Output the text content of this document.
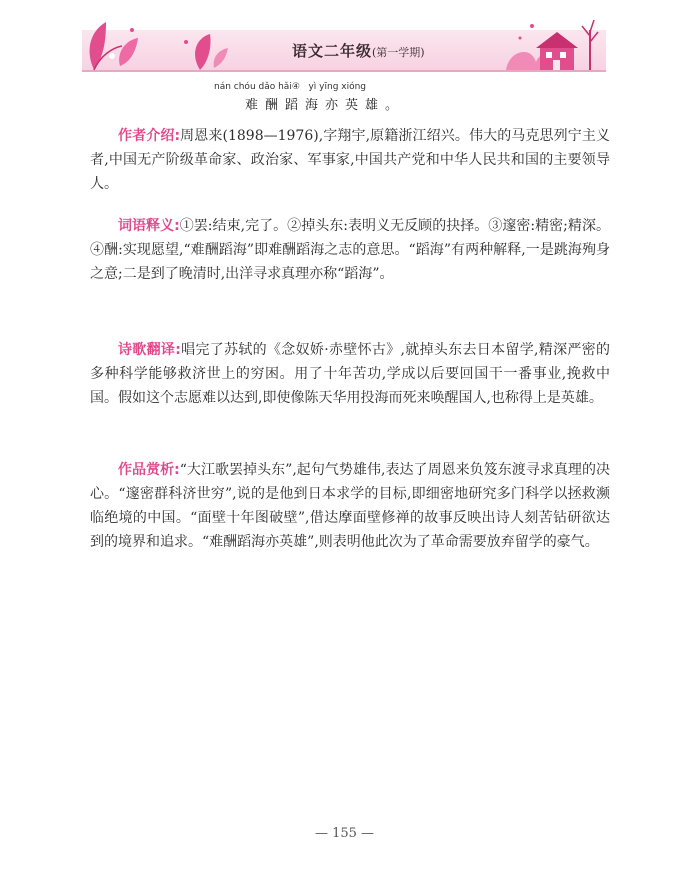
语文二年级(第一学期)
nán chóu dǎo hǎi④   yì yīng xióng
难酬蹈海亦英雄。
作者介绍:周恩来(1898—1976),字翔宇,原籍浙江绍兴。伟大的马克思列宁主义者,中国无产阶级革命家、政治家、军事家,中国共产党和中华人民共和国的主要领导人。
词语释义:①罢:结束,完了。②掉头东:表明义无反顾的抉择。③邃密:精密;精深。④酬:实现愿望,“难酬蹈海”即难酬蹈海之志的意思。“蹈海”有两种解释,一是跳海殉身之意;二是到了晚清时,出洋寻求真理亦称“蹈海”。
诗歌翻译:唱完了苏轼的《念奴娇·赤壁怀古》,就掉头东去日本留学,精深严密的多种科学能够救济世上的穷困。用了十年苦功,学成以后要回国干一番事业,挽救中国。假如这个志愿难以达到,即使像陈天华用投海而死来唤醒国人,也称得上是英雄。
作品赏析:“大江歌罢掉头东”,起句气势雄伟,表达了周恩来负笈东渡寻求真理的决心。“邃密群科济世穷”,说的是他到日本求学的目标,即细密地研究多门科学以拯救濒临绝境的中国。“面壁十年图破壁”,借达摩面壁修禅的故事反映出诗人刻苦钻研欲达到的境界和追求。“难酬蹈海亦英雄”,则表明他此次为了革命需要放弃留学的豪气。
— 155 —
